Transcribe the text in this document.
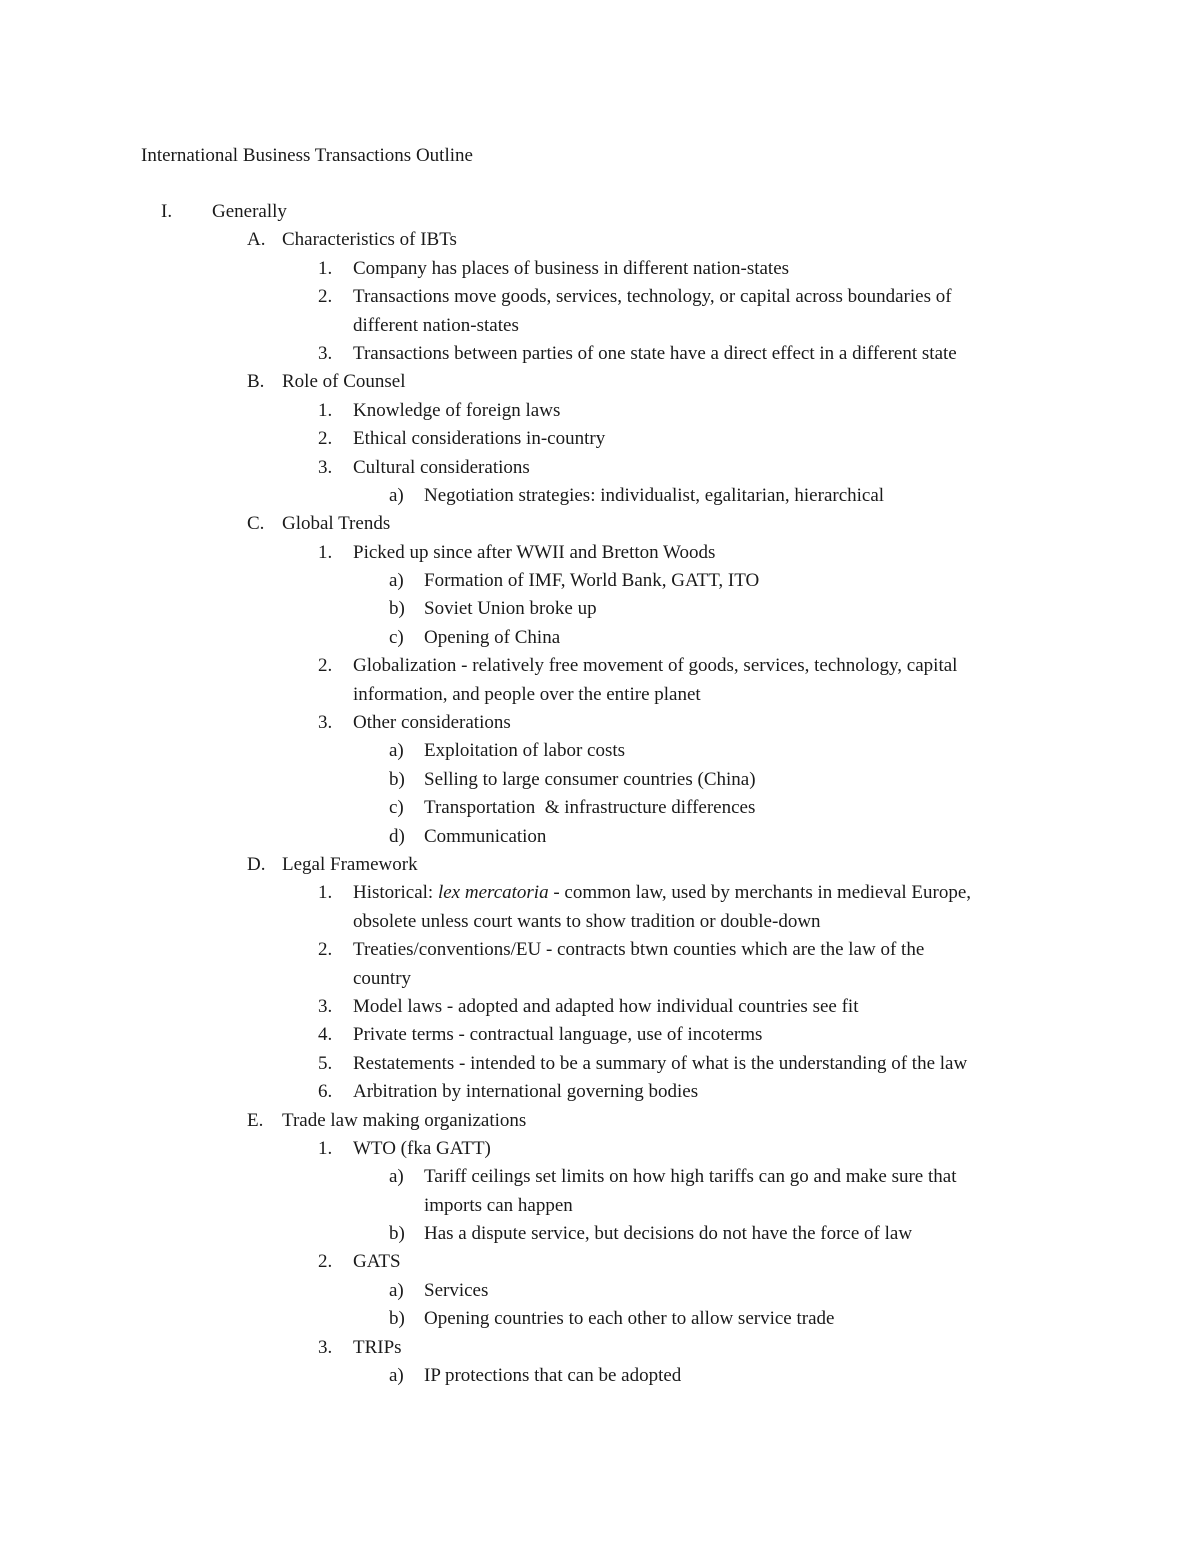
International Business Transactions Outline
I. Generally
A. Characteristics of IBTs
1. Company has places of business in different nation-states
2. Transactions move goods, services, technology, or capital across boundaries of
different nation-states
3. Transactions between parties of one state have a direct effect in a different state
B. Role of Counsel
1. Knowledge of foreign laws
2. Ethical considerations in-country
3. Cultural considerations
a) Negotiation strategies: individualist, egalitarian, hierarchical
C. Global Trends
1. Picked up since after WWII and Bretton Woods
a) Formation of IMF, World Bank, GATT, ITO
b) Soviet Union broke up
c) Opening of China
2. Globalization - relatively free movement of goods, services, technology, capital
information, and people over the entire planet
3. Other considerations
a) Exploitation of labor costs
b) Selling to large consumer countries (China)
c) Transportation  & infrastructure differences
d) Communication
D. Legal Framework
1. Historical: lex mercatoria - common law, used by merchants in medieval Europe,
obsolete unless court wants to show tradition or double-down
2. Treaties/conventions/EU - contracts btwn counties which are the law of the
country
3. Model laws - adopted and adapted how individual countries see fit
4. Private terms - contractual language, use of incoterms
5. Restatements - intended to be a summary of what is the understanding of the law
6. Arbitration by international governing bodies
E. Trade law making organizations
1. WTO (fka GATT)
a) Tariff ceilings set limits on how high tariffs can go and make sure that
imports can happen
b) Has a dispute service, but decisions do not have the force of law
2. GATS
a) Services
b) Opening countries to each other to allow service trade
3. TRIPs
a) IP protections that can be adopted
